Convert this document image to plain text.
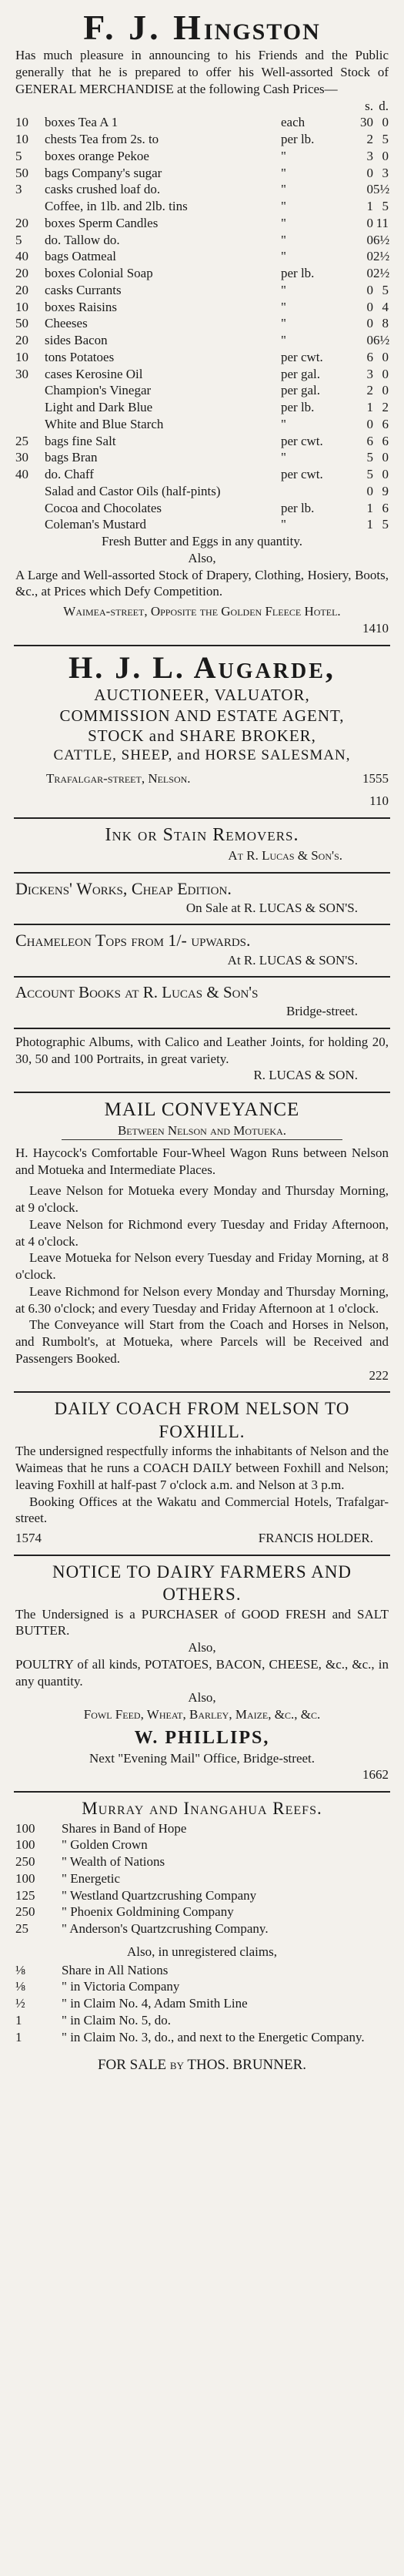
F. J. HINGSTON

Has much pleasure in announcing to his Friends and the Public generally that he is prepared to offer his Well-assorted Stock of GENERAL MERCHANDISE at the following Cash Prices—

s. d.
10	boxes Tea A 1	each	30 0
10	chests Tea from 2s. to	per lb.	2 5
5	boxes orange Pekoe	"	3 0
50	bags Company's sugar	"	0 3
3	casks crushed loaf do.	"	0 5½
Coffee, in 1lb. and 2lb. tins	"	1 5
20	boxes Sperm Candles	"	0 11
5	do. Tallow do.	"	0 6½
40	bags Oatmeal	"	0 2½
20	boxes Colonial Soap	per lb.	0 2½
20	casks Currants	"	0 5
10	boxes Raisins	"	0 4
50	Cheeses	"	0 8
20	sides Bacon	"	0 6½
10	tons Potatoes	per cwt.	6 0
30	cases Kerosine Oil	per gal.	3 0
Champion's Vinegar	per gal.	2 0
Light and Dark Blue	per lb.	1 2
White and Blue Starch	"	0 6
25	bags fine Salt	per cwt.	6 6
30	bags Bran	"	5 0
40	do. Chaff	per cwt.	5 0
Salad and Castor Oils (half-pints)	0 9
Cocoa and Chocolates	per lb.	1 6
Coleman's Mustard	"	1 5

Fresh Butter and Eggs in any quantity.

Also,

A Large and Well-assorted Stock of Drapery, Clothing, Hosiery, Boots, &c., at Prices which Defy Competition.

Waimea-street, Opposite the Golden Fleece Hotel.

1410
H. J. L. Augarde,
AUCTIONEER, VALUATOR,
COMMISSION AND ESTATE AGENT,
STOCK and SHARE BROKER,
CATTLE, SHEEP, and HORSE SALESMAN,
Trafalgar-street, Nelson.	1555
110
Ink or Stain Removers.
At R. Lucas & Son's.
Dickens' Works, Cheap Edition.
On Sale at R. LUCAS & SON'S.
Chameleon Tops from 1/- upwards.
At R. LUCAS & SON'S.
Account Books at R. Lucas & Son's
Bridge-street.

Photographic Albums, with Calico and Leather Joints, for holding 20, 30, 50 and 100 Portraits, in great variety.

R. LUCAS & SON.
MAIL CONVEYANCE
Between Nelson and Motueka.

H. Haycock's Comfortable Four-Wheel Wagon Runs between Nelson and Motueka and Intermediate Places.

Leave Nelson for Motueka every Monday and Thursday Morning, at 9 o'clock.

Leave Nelson for Richmond every Tuesday and Friday Afternoon, at 4 o'clock.

Leave Motueka for Nelson every Tuesday and Friday Morning, at 8 o'clock.

Leave Richmond for Nelson every Monday and Thursday Morning, at 6.30 o'clock; and every Tuesday and Friday Afternoon at 1 o'clock.

The Conveyance will Start from the Coach and Horses in Nelson, and Rumbolt's, at Motueka, where Parcels will be Received and Passengers Booked.

222
DAILY COACH FROM NELSON TO FOXHILL.

The undersigned respectfully informs the inhabitants of Nelson and the Waimeas that he runs a COACH DAILY between Foxhill and Nelson; leaving Foxhill at half-past 7 o'clock a.m. and Nelson at 3 p.m.

Booking Offices at the Wakatu and Commercial Hotels, Trafalgar-street.

1574	FRANCIS HOLDER.
NOTICE TO DAIRY FARMERS AND OTHERS.

The Undersigned is a PURCHASER of GOOD FRESH and SALT BUTTER.

Also,

POULTRY of all kinds, POTATOES, BACON, CHEESE, &c., &c., in any quantity.

Also,

Fowl Feed, Wheat, Barley, Maize, &c., &c.

W. PHILLIPS,
Next "Evening Mail" Office, Bridge-street.
1662
Murray and Inangahua Reefs.
100	Shares in Band of Hope
100	" Golden Crown
250	" Wealth of Nations
100	" Energetic
125	" Westland Quartzcrushing Company
250	" Phoenix Goldmining Company
25	" Anderson's Quartzcrushing Company.

Also, in unregistered claims,

⅛	Share in All Nations
⅛	" in Victoria Company
½	" in Claim No. 4, Adam Smith Line
1	" in Claim No. 5, do.
1	" in Claim No. 3, do., and next to the Energetic Company.
FOR SALE by THOS. BRUNNER.
